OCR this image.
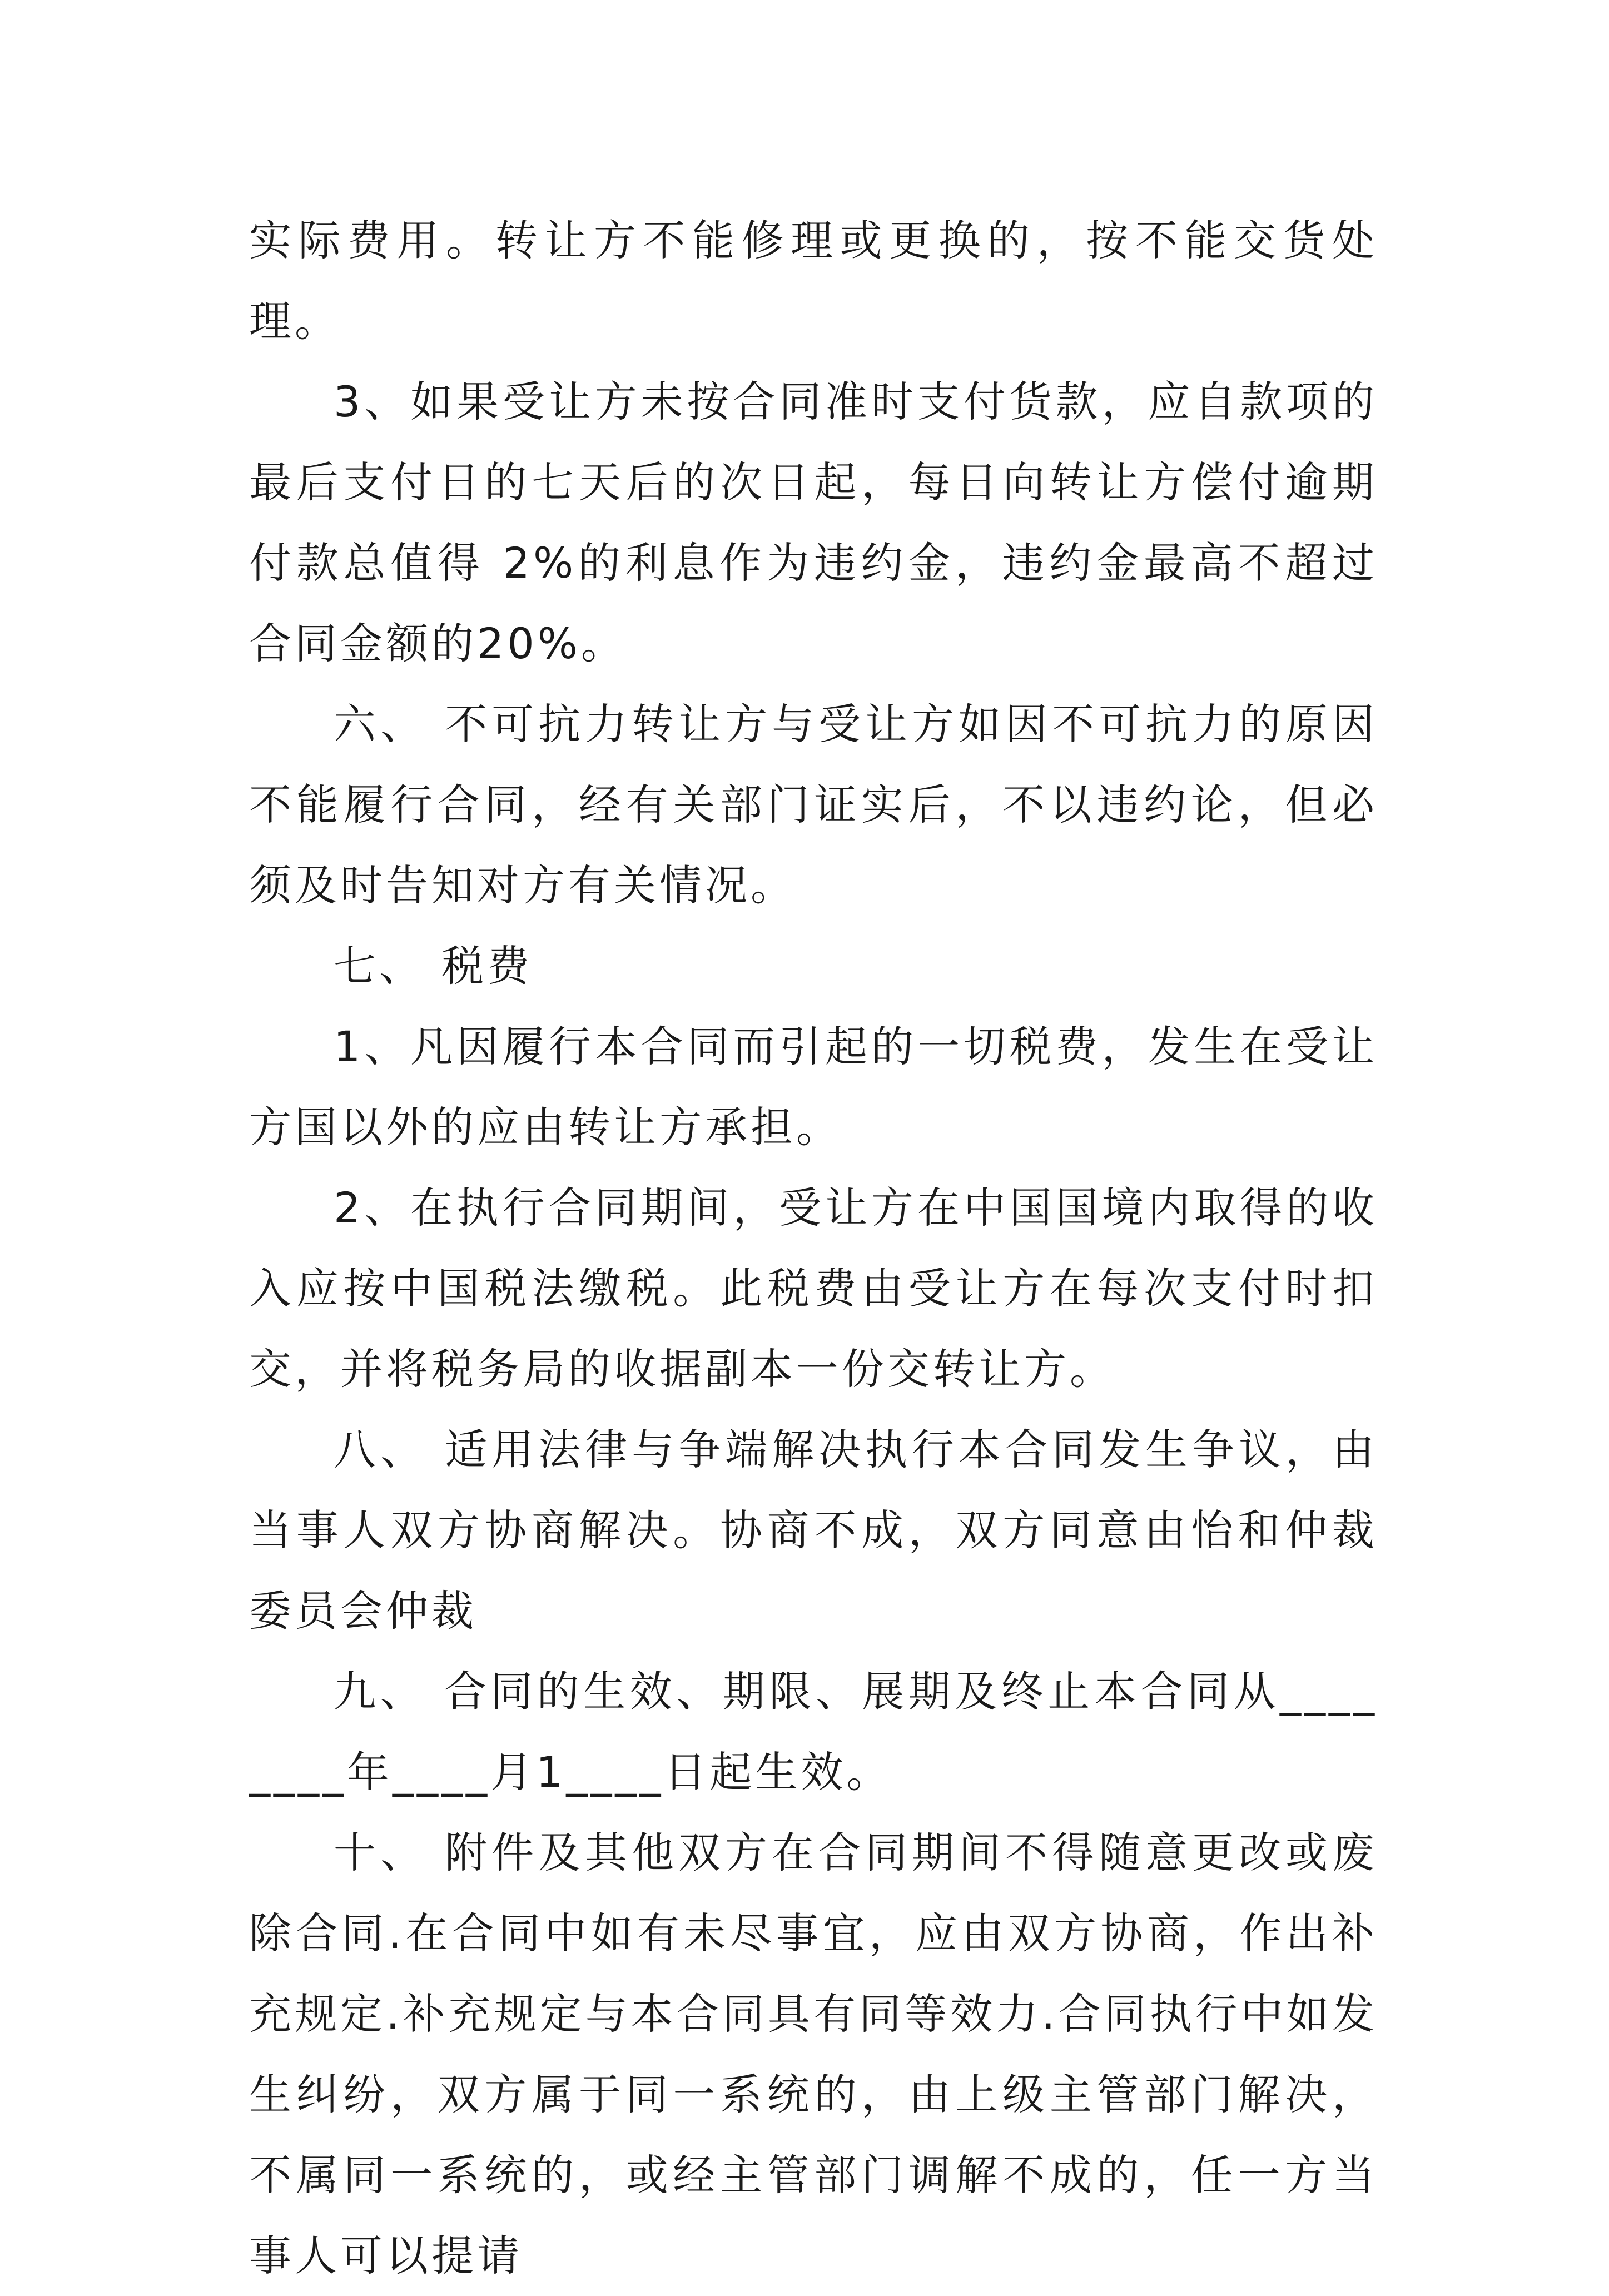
实际费用。转让方不能修理或更换的，按不能交货处理。

3、如果受让方未按合同准时支付货款，应自款项的最后支付日的七天后的次日起，每日向转让方偿付逾期付款总值得 2%的利息作为违约金，违约金最高不超过合同金额的20%。

六、 不可抗力转让方与受让方如因不可抗力的原因不能履行合同，经有关部门证实后，不以违约论，但必须及时告知对方有关情况。

七、 税费

1、凡因履行本合同而引起的一切税费，发生在受让方国以外的应由转让方承担。

2、在执行合同期间，受让方在中国国境内取得的收入应按中国税法缴税。此税费由受让方在每次支付时扣交，并将税务局的收据副本一份交转让方。

八、 适用法律与争端解决执行本合同发生争议，由当事人双方协商解决。协商不成，双方同意由怡和仲裁委员会仲裁

九、 合同的生效、期限、展期及终止本合同从________年____月1____日起生效。

十、 附件及其他双方在合同期间不得随意更改或废除合同.在合同中如有未尽事宜，应由双方协商，作出补充规定.补充规定与本合同具有同等效力.合同执行中如发生纠纷，双方属于同一系统的，由上级主管部门解决，不属同一系统的，或经主管部门调解不成的，任一方当事人可以提请
